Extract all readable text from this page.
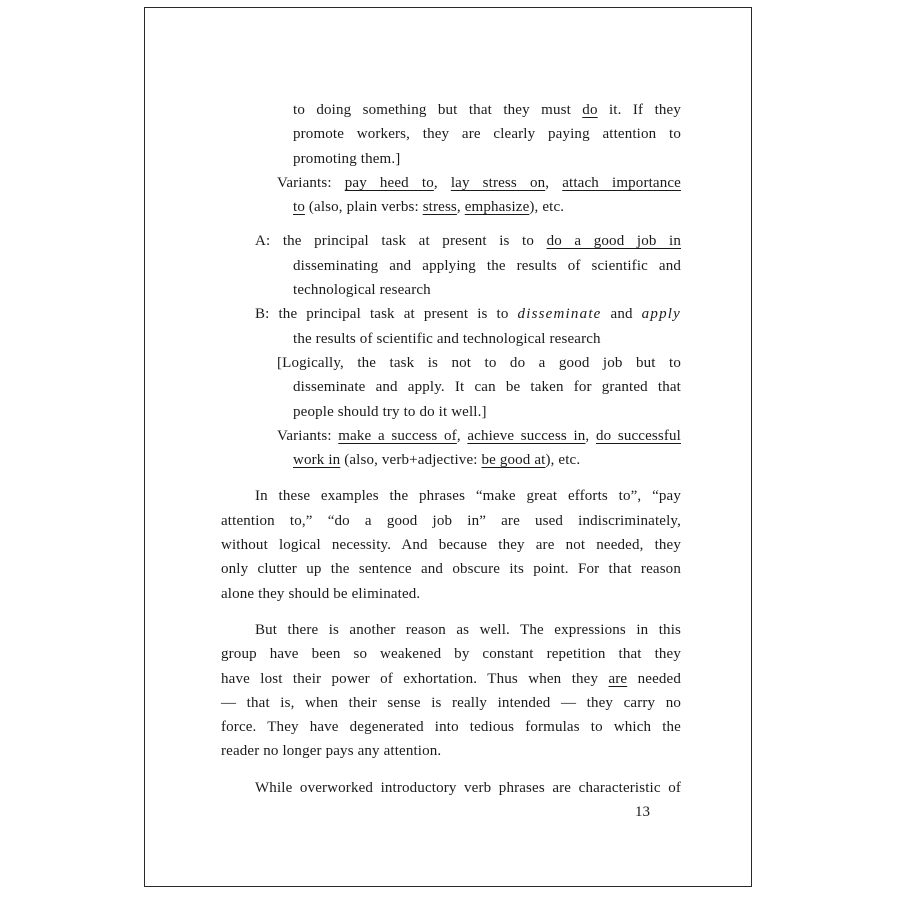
to doing something but that they must do it. If they
promote workers, they are clearly paying attention to
promoting them.]
Variants: pay heed to, lay stress on, attach importance
to (also, plain verbs: stress, emphasize), etc.
A: the principal task at present is to do a good job in
disseminating and applying the results of scientific and
technological research
B: the principal task at present is to disseminate and apply
the results of scientific and technological research
[Logically, the task is not to do a good job but to
disseminate and apply. It can be taken for granted that
people should try to do it well.]
Variants: make a success of, achieve success in, do successful
work in (also, verb+adjective: be good at), etc.
In these examples the phrases “make great efforts to”, “pay
attention to,” “do a good job in” are used indiscriminately,
without logical necessity. And because they are not needed, they
only clutter up the sentence and obscure its point. For that reason
alone they should be eliminated.
But there is another reason as well. The expressions in this
group have been so weakened by constant repetition that they
have lost their power of exhortation. Thus when they are needed
— that is, when their sense is really intended — they carry no
force. They have degenerated into tedious formulas to which the
reader no longer pays any attention.
While overworked introductory verb phrases are characteristic of
13
